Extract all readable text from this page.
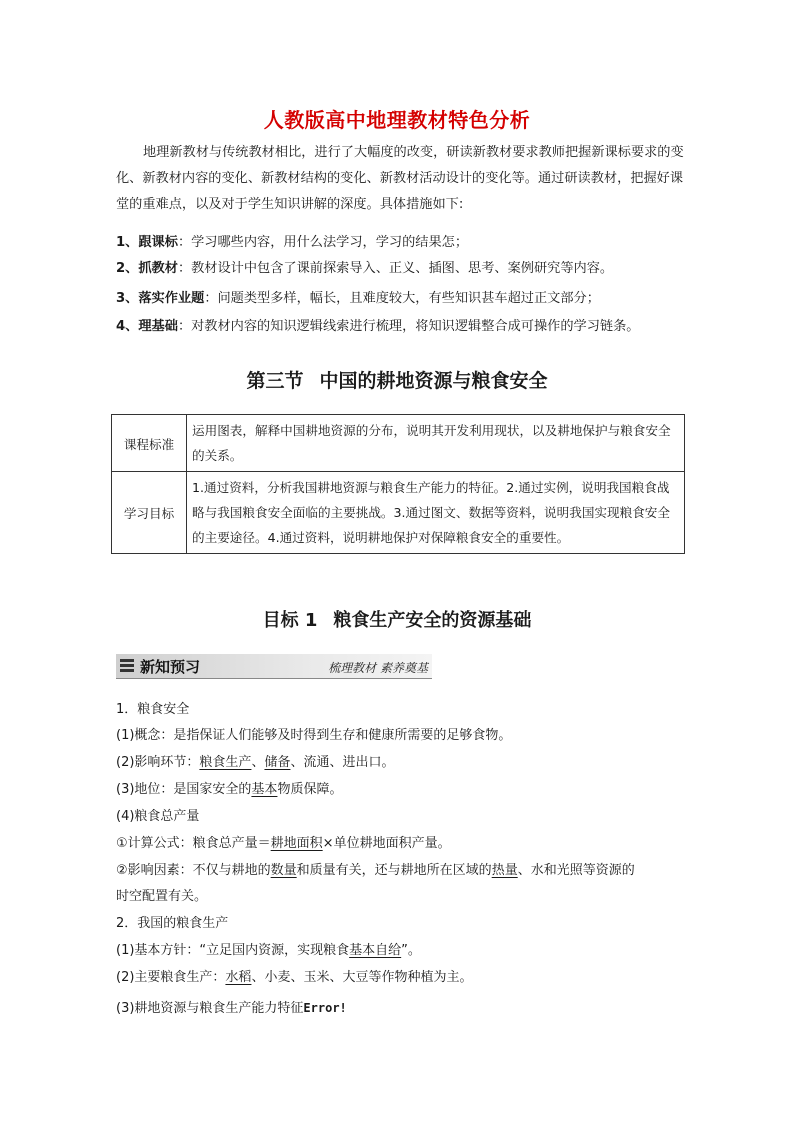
人教版高中地理教材特色分析
地理新教材与传统教材相比，进行了大幅度的改变，研读新教材要求教师把握新课标要求的变化、新教材内容的变化、新教材结构的变化、新教材活动设计的变化等。通过研读教材，把握好课堂的重难点，以及对于学生知识讲解的深度。具体措施如下:
1、跟课标：学习哪些内容，用什么法学习，学习的结果怎；
2、抓教材：教材设计中包含了课前探索导入、正义、插图、思考、案例研究等内容。
3、落实作业题：问题类型多样，幅长，且难度较大，有些知识甚车超过正文部分；
4、理基础：对教材内容的知识逻辑线索进行梳理，将知识逻辑整合成可操作的学习链条。
第三节 中国的耕地资源与粮食安全
课程标准	运用图表，解释中国耕地资源的分布，说明其开发利用现状，以及耕地保护与粮食安全的关系。
学习目标	1.通过资料，分析我国耕地资源与粮食生产能力的特征。2.通过实例，说明我国粮食战略与我国粮食安全面临的主要挑战。3.通过图文、数据等资料，说明我国实现粮食安全的主要途径。4.通过资料，说明耕地保护对保障粮食安全的重要性。
目标 1 粮食生产安全的资源基础
新知预习	梳理教材 素养奠基
1．粮食安全
(1)概念：是指保证人们能够及时得到生存和健康所需要的足够食物。
(2)影响环节：粮食生产、储备、流通、进出口。
(3)地位：是国家安全的基本物质保障。
(4)粮食总产量
①计算公式：粮食总产量＝耕地面积×单位耕地面积产量。
②影响因素：不仅与耕地的数量和质量有关，还与耕地所在区域的热量、水和光照等资源的
时空配置有关。
2．我国的粮食生产
(1)基本方针：“立足国内资源，实现粮食基本自给”。
(2)主要粮食生产：水稻、小麦、玉米、大豆等作物种植为主。
(3)耕地资源与粮食生产能力特征Error!
